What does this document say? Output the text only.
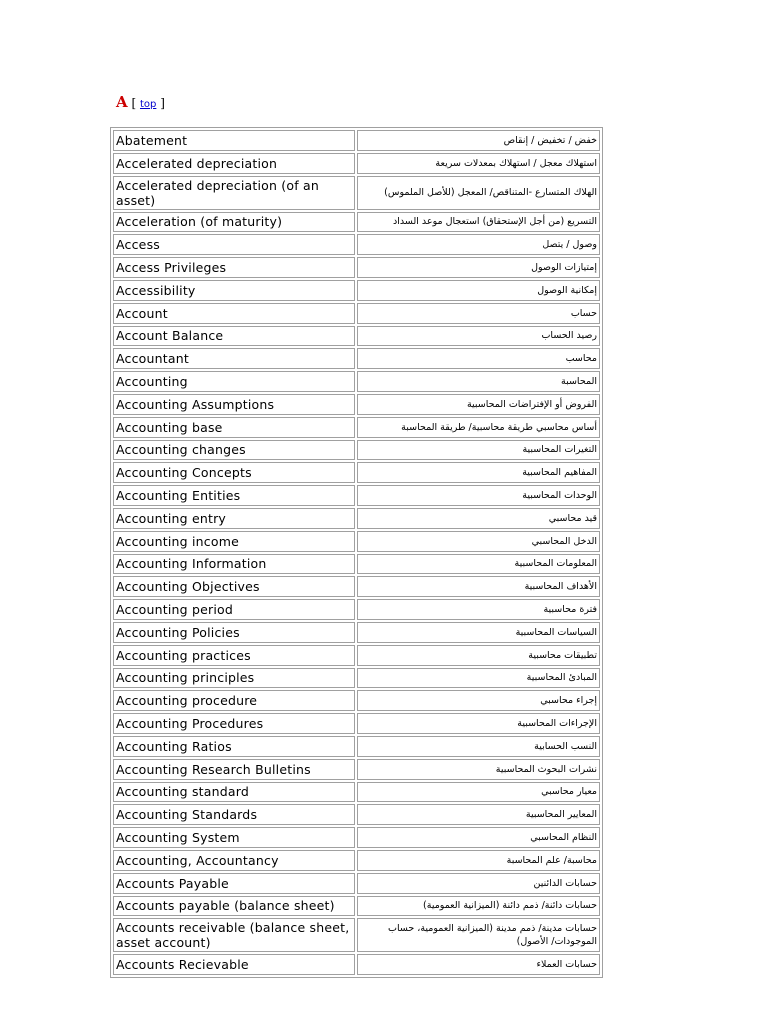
A [ top ]
Abatement	خفض / تخفيض / إنقاص
Accelerated depreciation	استهلاك معجل / استهلاك بمعدلات سريعة
Accelerated depreciation (of an asset)	الهلاك المتسارع -المتناقص/ المعجل (للأصل الملموس)
Acceleration (of maturity)	التسريع (من أجل الإستحقاق) استعجال موعد السداد
Access	وصول / يتصل
Access Privileges	إمتيازات الوصول
Accessibility	إمكانية الوصول
Account	حساب
Account Balance	رصيد الحساب
Accountant	محاسب
Accounting	المحاسبة
Accounting Assumptions	الفروض أو الإفتراضات المحاسبية
Accounting base	أساس محاسبي طريقة محاسبية/ طريقة المحاسبة
Accounting changes	التغيرات المحاسبية
Accounting Concepts	المفاهيم المحاسبية
Accounting Entities	الوحدات المحاسبية
Accounting entry	قيد محاسبي
Accounting income	الدخل المحاسبي
Accounting Information	المعلومات المحاسبية
Accounting Objectives	الأهداف المحاسبية
Accounting period	فترة محاسبية
Accounting Policies	السياسات المحاسبية
Accounting practices	تطبيقات محاسبية
Accounting principles	المبادئ المحاسبية
Accounting procedure	إجراء محاسبي
Accounting Procedures	الإجراءات المحاسبية
Accounting Ratios	النسب الحسابية
Accounting Research Bulletins	نشرات البحوث المحاسبية
Accounting standard	معيار محاسبي
Accounting Standards	المعايير المحاسبية
Accounting System	النظام المحاسبي
Accounting, Accountancy	محاسبة/ علم المحاسبة
Accounts Payable	حسابات الدائنين
Accounts payable (balance sheet)	حسابات دائنة/ ذمم دائنة (الميزانية العمومية)
Accounts receivable (balance sheet, asset account)	حسابات مدينة/ ذمم مدينة (الميزانية العمومية، حساب الموجودات/ الأصول)
Accounts Recievable	حسابات العملاء
